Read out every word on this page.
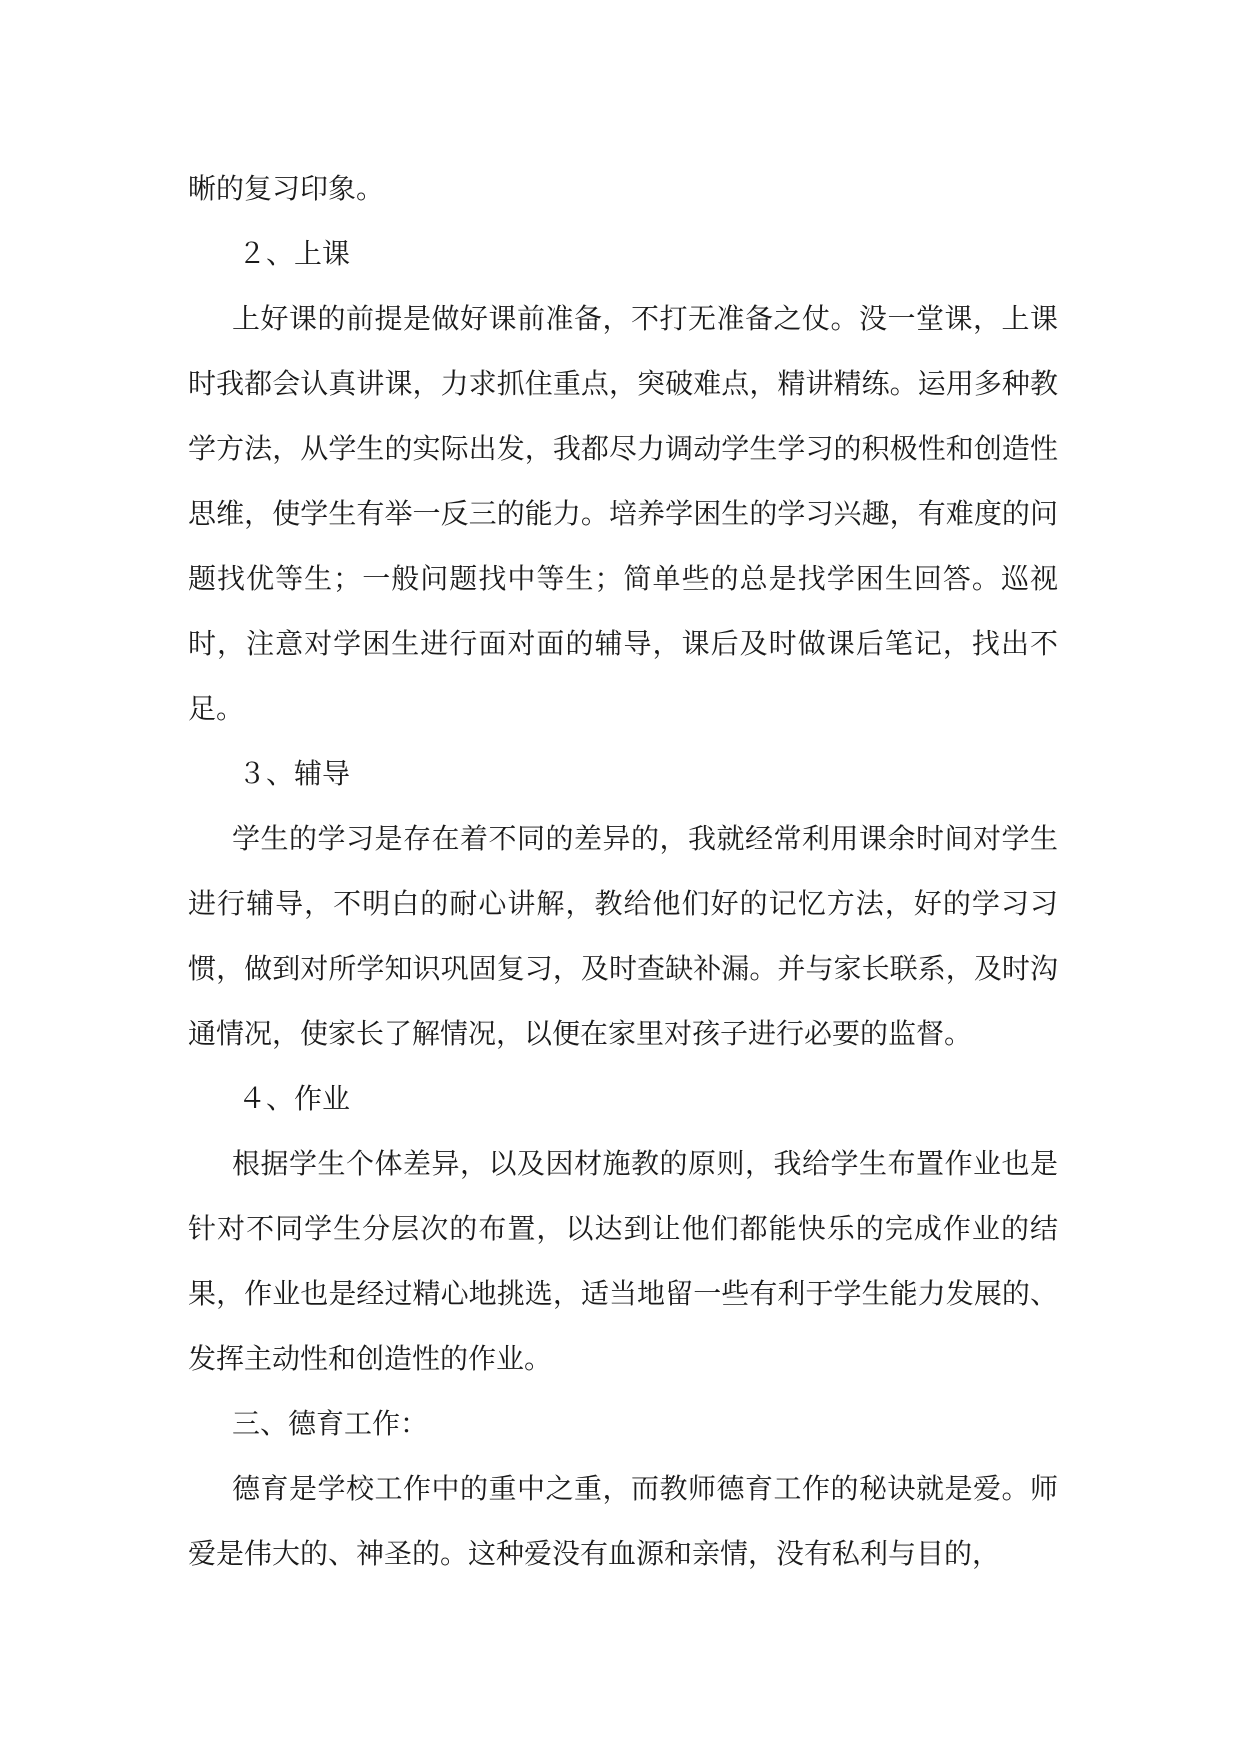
晰的复习印象。

２、上课

上好课的前提是做好课前准备，不打无准备之仗。没一堂课，上课时我都会认真讲课，力求抓住重点，突破难点，精讲精练。运用多种教学方法，从学生的实际出发，我都尽力调动学生学习的积极性和创造性思维，使学生有举一反三的能力。培养学困生的学习兴趣，有难度的问题找优等生；一般问题找中等生；简单些的总是找学困生回答。巡视时，注意对学困生进行面对面的辅导，课后及时做课后笔记，找出不足。

３、辅导

学生的学习是存在着不同的差异的，我就经常利用课余时间对学生进行辅导，不明白的耐心讲解，教给他们好的记忆方法，好的学习习惯，做到对所学知识巩固复习，及时查缺补漏。并与家长联系，及时沟通情况，使家长了解情况，以便在家里对孩子进行必要的监督。

４、作业

根据学生个体差异，以及因材施教的原则，我给学生布置作业也是针对不同学生分层次的布置，以达到让他们都能快乐的完成作业的结果，作业也是经过精心地挑选，适当地留一些有利于学生能力发展的、发挥主动性和创造性的作业。

三、德育工作：

德育是学校工作中的重中之重，而教师德育工作的秘诀就是爱。师爱是伟大的、神圣的。这种爱没有血源和亲情，没有私利与目的，
